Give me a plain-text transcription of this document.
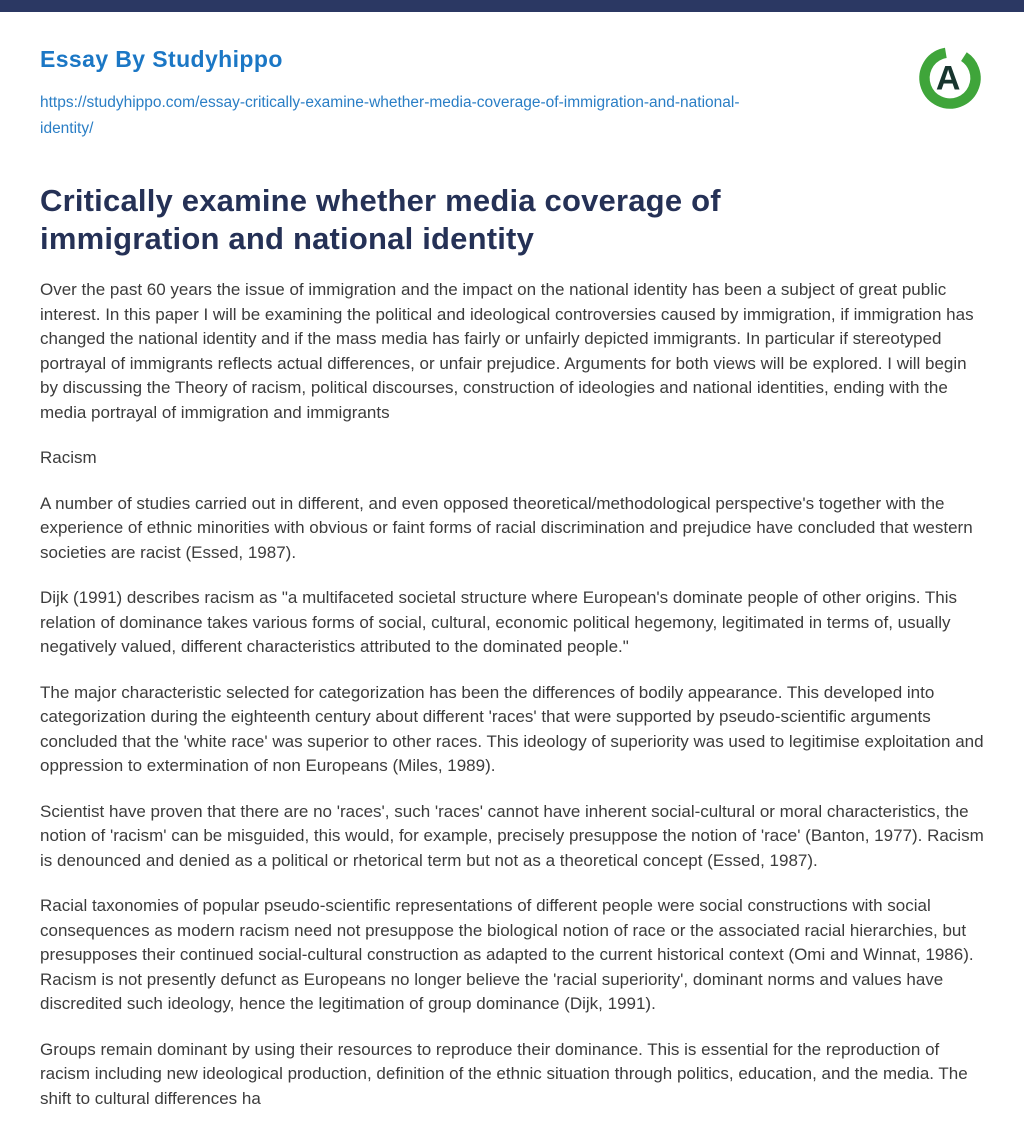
Essay By Studyhippo
https://studyhippo.com/essay-critically-examine-whether-media-coverage-of-immigration-and-national-identity/
A
Critically examine whether media coverage of
immigration and national identity

Over the past 60 years the issue of immigration and the impact on the national identity has been a subject of great public interest. In this paper I will be examining the political and ideological controversies caused by immigration, if immigration has changed the national identity and if the mass media has fairly or unfairly depicted immigrants. In particular if stereotyped portrayal of immigrants reflects actual differences, or unfair prejudice. Arguments for both views will be explored. I will begin by discussing the Theory of racism, political discourses, construction of ideologies and national identities, ending with the media portrayal of immigration and immigrants

Racism

A number of studies carried out in different, and even opposed theoretical/methodological perspective's together with the experience of ethnic minorities with obvious or faint forms of racial discrimination and prejudice have concluded that western societies are racist (Essed, 1987).

Dijk (1991) describes racism as "a multifaceted societal structure where European's dominate people of other origins. This relation of dominance takes various forms of social, cultural, economic political hegemony, legitimated in terms of, usually negatively valued, different characteristics attributed to the dominated people."

The major characteristic selected for categorization has been the differences of bodily appearance. This developed into categorization during the eighteenth century about different 'races' that were supported by pseudo-scientific arguments concluded that the 'white race' was superior to other races. This ideology of superiority was used to legitimise exploitation and oppression to extermination of non Europeans (Miles, 1989).

Scientist have proven that there are no 'races', such 'races' cannot have inherent social-cultural or moral characteristics, the notion of 'racism' can be misguided, this would, for example, precisely presuppose the notion of 'race' (Banton, 1977). Racism is denounced and denied as a political or rhetorical term but not as a theoretical concept (Essed, 1987).

Racial taxonomies of popular pseudo-scientific representations of different people were social constructions with social consequences as modern racism need not presuppose the biological notion of race or the associated racial hierarchies, but presupposes their continued social-cultural construction as adapted to the current historical context (Omi and Winnat, 1986). Racism is not presently defunct as Europeans no longer believe the 'racial superiority', dominant norms and values have discredited such ideology, hence the legitimation of group dominance (Dijk, 1991).

Groups remain dominant by using their resources to reproduce their dominance. This is essential for the reproduction of racism including new ideological production, definition of the ethnic situation through politics, education, and the media. The shift to cultural differences ha
